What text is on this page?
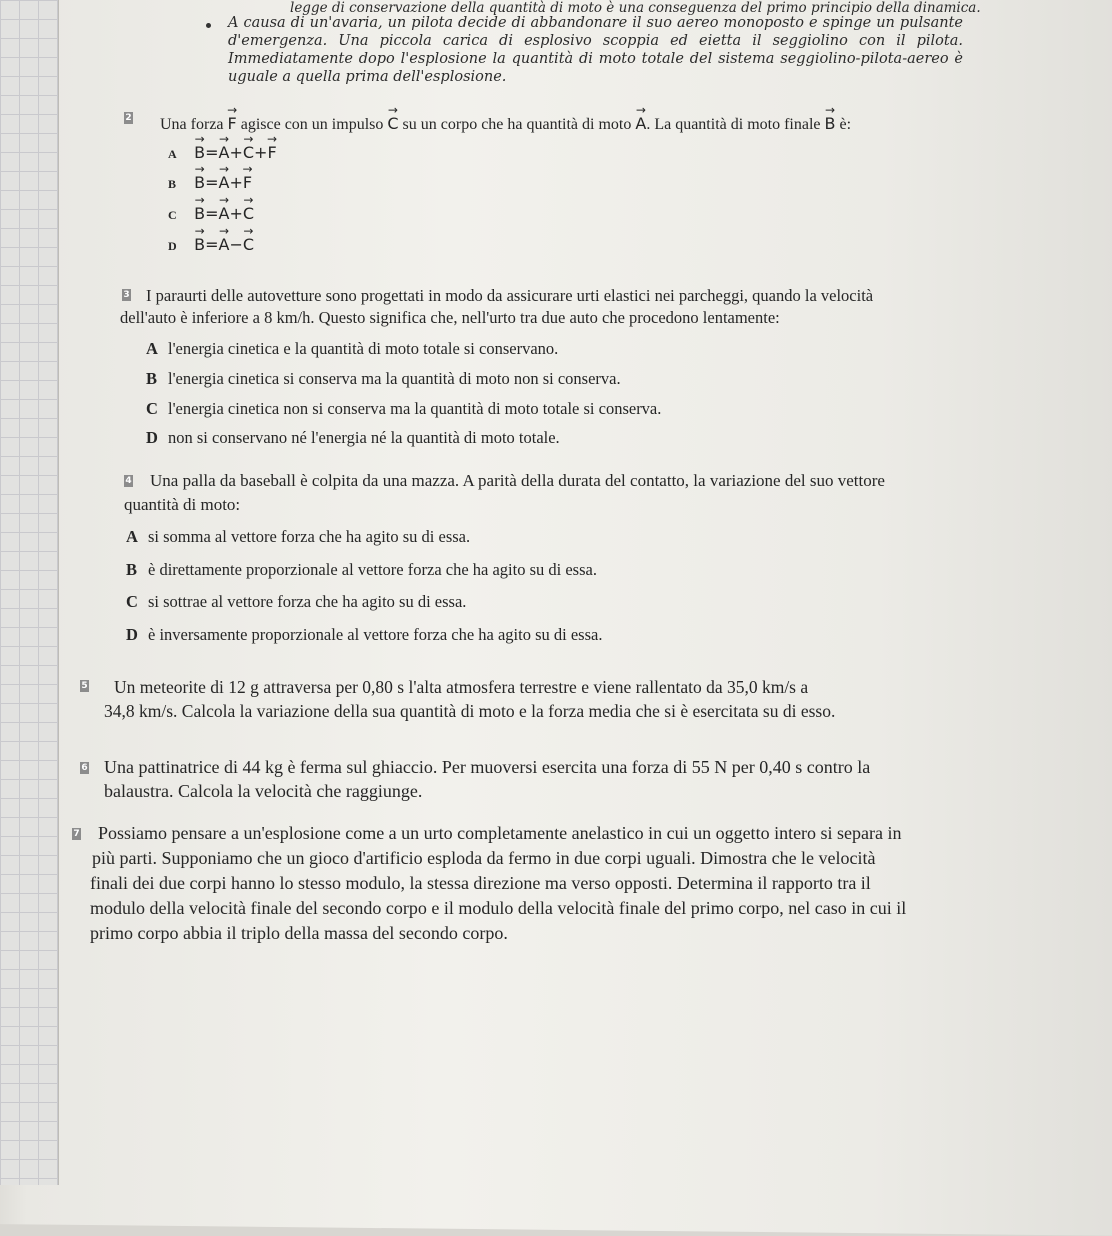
legge di conservazione della quantità di moto è una conseguenza del primo principio della dinamica.
A causa di un'avaria, un pilota decide di abbandonare il suo aereo monoposto e spinge un pulsante d'emergenza. Una piccola carica di esplosivo scoppia ed eietta il seggiolino con il pilota. Immediatamente dopo l'esplosione la quantità di moto totale del sistema seggiolino-pilota-aereo è uguale a quella prima dell'esplosione.
2 Una forza → F agisce con un impulso → C su un corpo che ha quantità di moto → A. La quantità di moto finale → B è:
A → B=→ A+→ C+→ F
B → B=→ A+→ F
C → B=→ A+→ C
D → B=→ A−→ C
3 I paraurti delle autovetture sono progettati in modo da assicurare urti elastici nei parcheggi, quando la velocità
dell'auto è inferiore a 8 km/h. Questo significa che, nell'urto tra due auto che procedono lentamente:
A l'energia cinetica e la quantità di moto totale si conservano.
B l'energia cinetica si conserva ma la quantità di moto non si conserva.
C l'energia cinetica non si conserva ma la quantità di moto totale si conserva.
D non si conservano né l'energia né la quantità di moto totale.
4 Una palla da baseball è colpita da una mazza. A parità della durata del contatto, la variazione del suo vettore
quantità di moto:
A si somma al vettore forza che ha agito su di essa.
B è direttamente proporzionale al vettore forza che ha agito su di essa.
C si sottrae al vettore forza che ha agito su di essa.
D è inversamente proporzionale al vettore forza che ha agito su di essa.
5 Un meteorite di 12 g attraversa per 0,80 s l'alta atmosfera terrestre e viene rallentato da 35,0 km/s a
34,8 km/s. Calcola la variazione della sua quantità di moto e la forza media che si è esercitata su di esso.
6 Una pattinatrice di 44 kg è ferma sul ghiaccio. Per muoversi esercita una forza di 55 N per 0,40 s contro la
balaustra. Calcola la velocità che raggiunge.
7 Possiamo pensare a un'esplosione come a un urto completamente anelastico in cui un oggetto intero si separa in
più parti. Supponiamo che un gioco d'artificio esploda da fermo in due corpi uguali. Dimostra che le velocità
finali dei due corpi hanno lo stesso modulo, la stessa direzione ma verso opposti. Determina il rapporto tra il
modulo della velocità finale del secondo corpo e il modulo della velocità finale del primo corpo, nel caso in cui il
primo corpo abbia il triplo della massa del secondo corpo.
